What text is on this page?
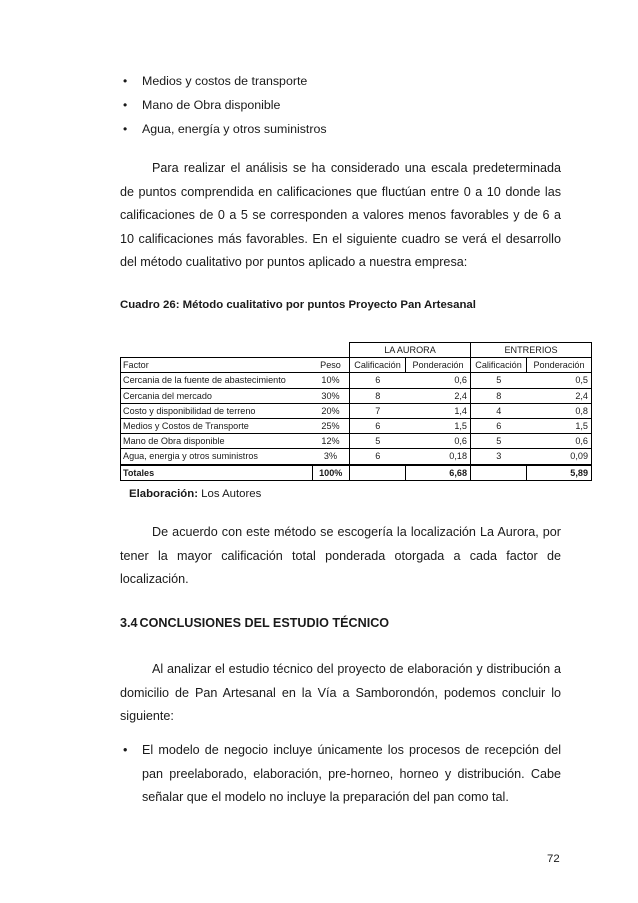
• Medios y costos de transporte
• Mano de Obra disponible
• Agua, energía y otros suministros

Para realizar el análisis se ha considerado una escala predeterminada de puntos comprendida en calificaciones que fluctúan entre 0 a 10 donde las calificaciones de 0 a 5 se corresponden a valores menos favorables y de 6 a 10 calificaciones más favorables. En el siguiente cuadro se verá el desarrollo del método cualitativo por puntos aplicado a nuestra empresa:

Cuadro 26: Método cualitativo por puntos Proyecto Pan Artesanal

		LA AURORA		ENTRERIOS	
Factor	Peso	Calificación	Ponderación	Calificación	Ponderación
Cercania de la fuente de abastecimiento	10%	6	0,6	5	0,5
Cercania del mercado	30%	8	2,4	8	2,4
Costo y disponibilidad de terreno	20%	7	1,4	4	0,8
Medios y Costos de Transporte	25%	6	1,5	6	1,5
Mano de Obra disponible	12%	5	0,6	5	0,6
Agua, energia y otros suministros	3%	6	0,18	3	0,09
Totales	100%		6,68		5,89

Elaboración: Los Autores

De acuerdo con este método se escogería la localización La Aurora, por tener la mayor calificación total ponderada otorgada a cada factor de localización.

3.4 CONCLUSIONES DEL ESTUDIO TÉCNICO

Al analizar el estudio técnico del proyecto de elaboración y distribución a domicilio de Pan Artesanal en la Vía a Samborondón, podemos concluir lo siguiente:

• El modelo de negocio incluye únicamente los procesos de recepción del pan preelaborado, elaboración, pre-horneo, horneo y distribución. Cabe señalar que el modelo no incluye la preparación del pan como tal.

72
